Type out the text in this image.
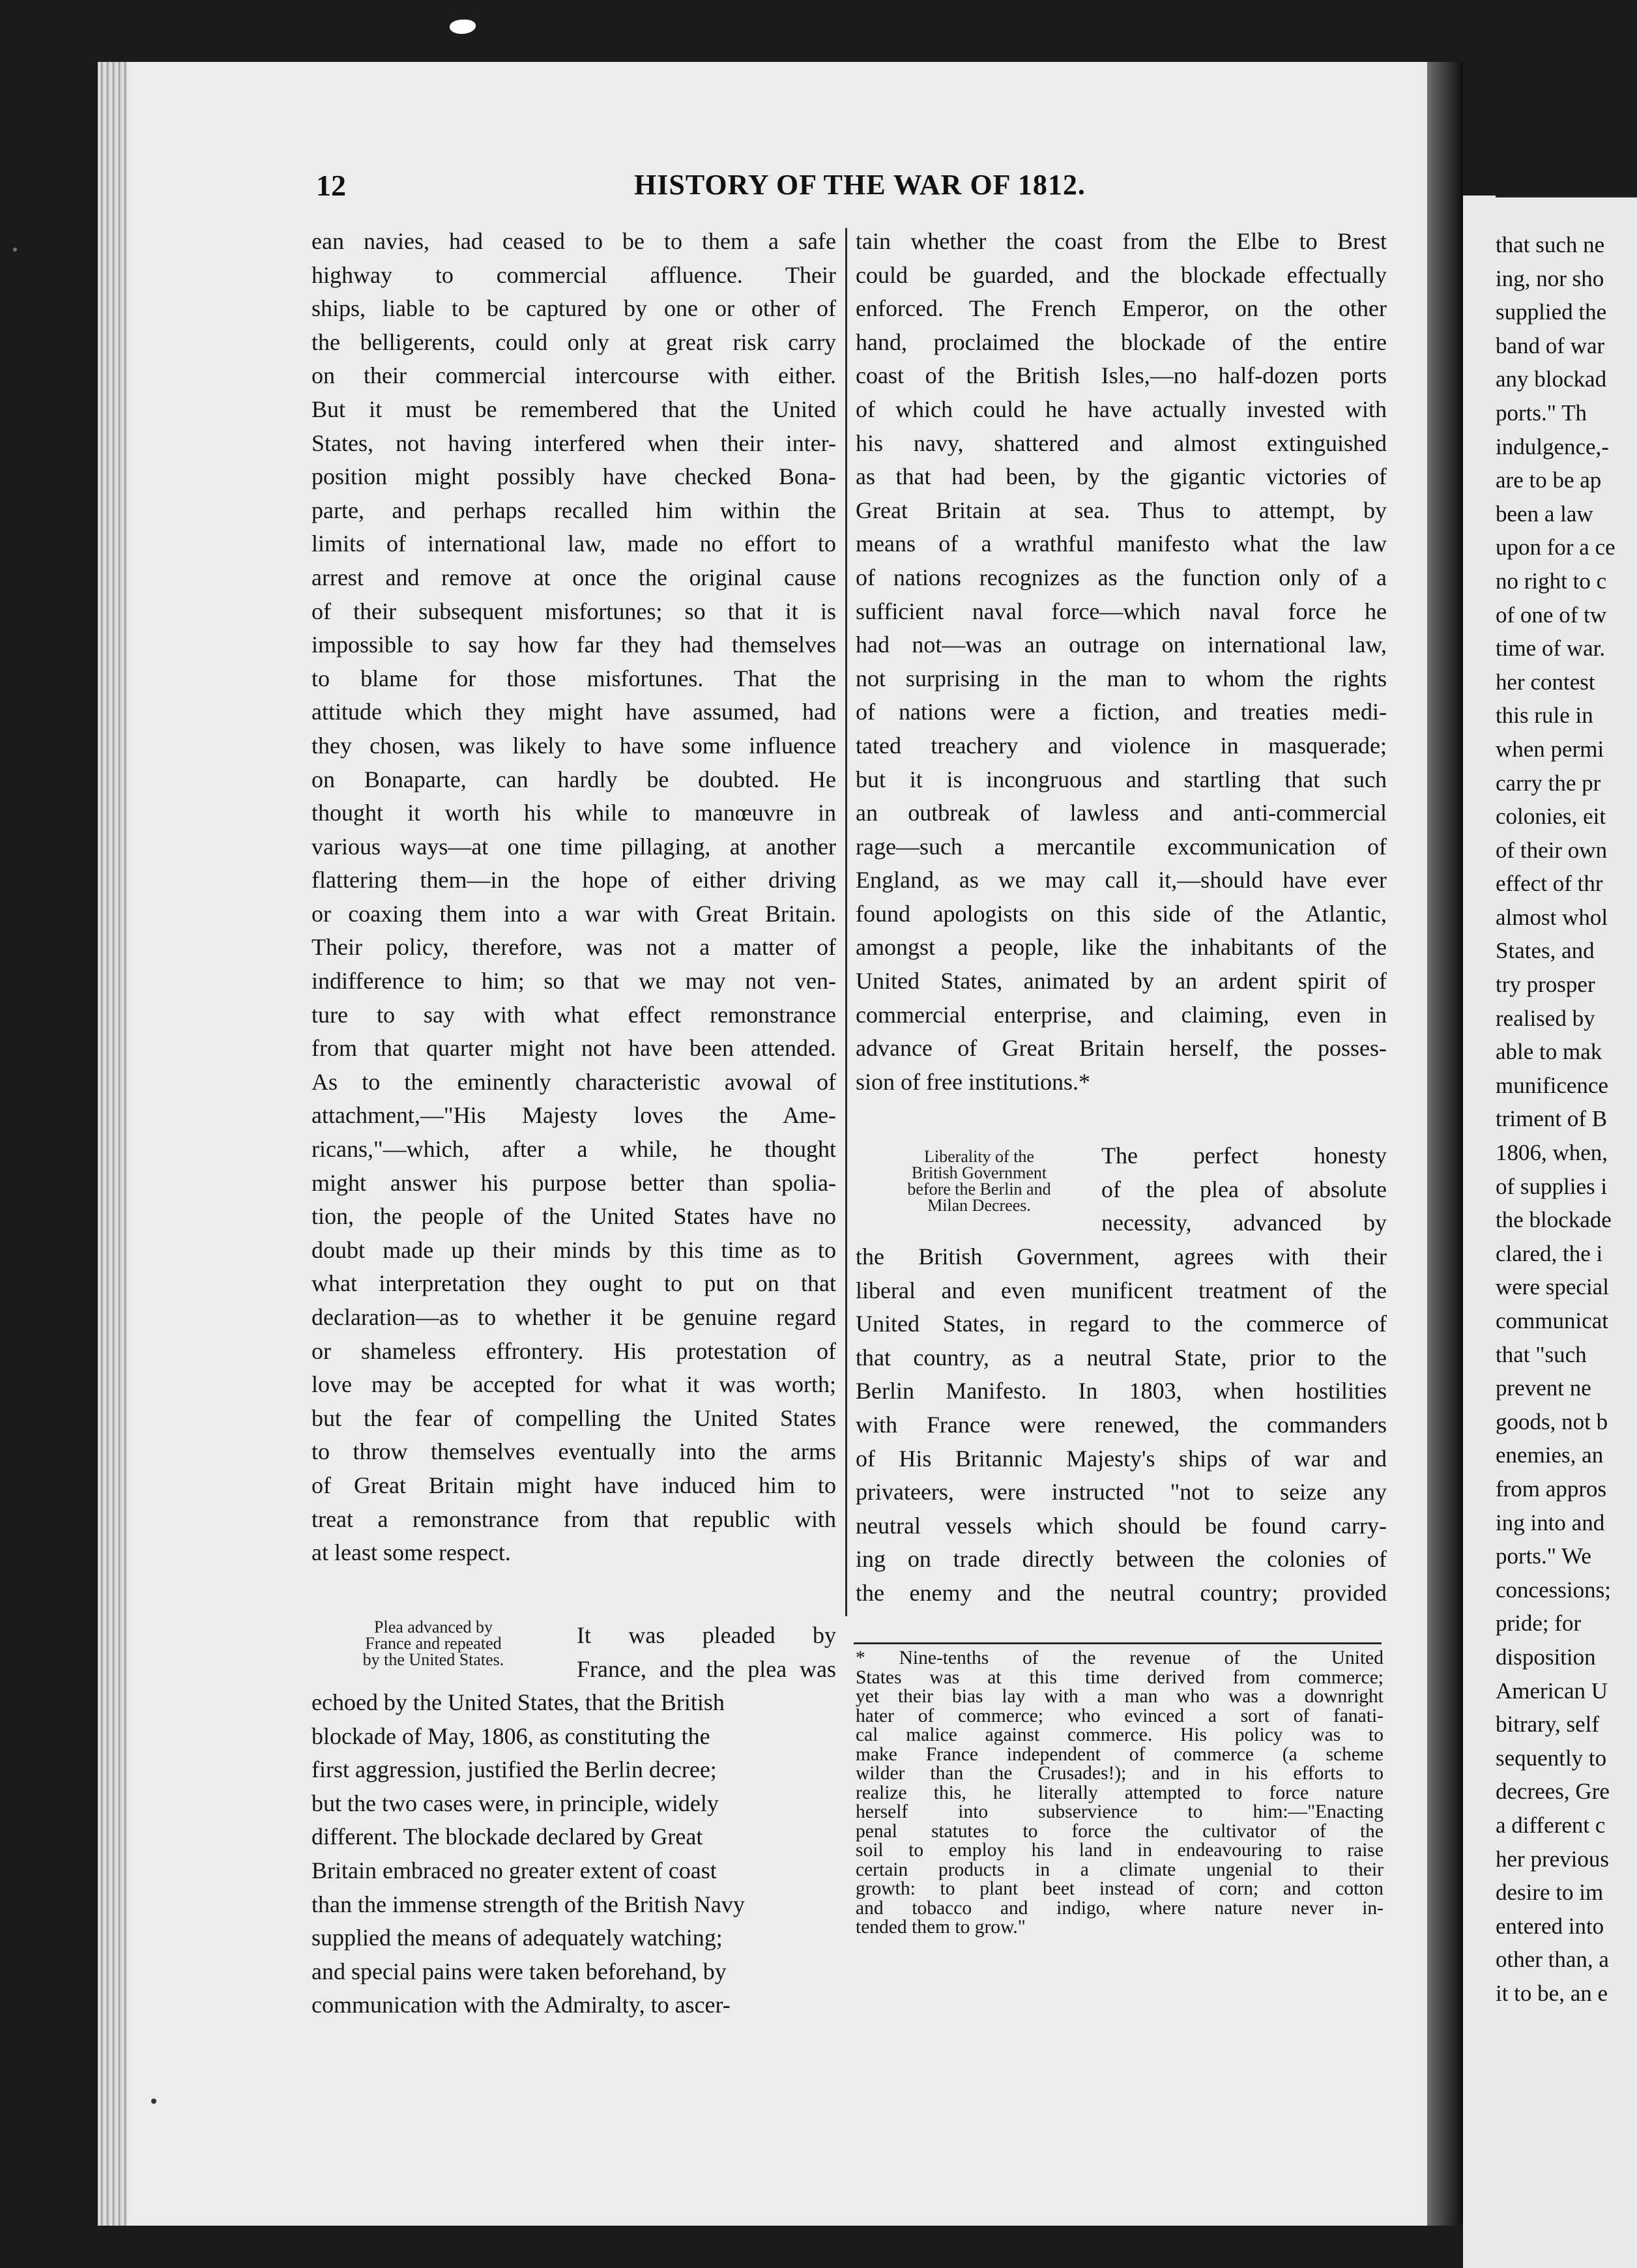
that such ne
ing, nor sho
supplied the
band of war
any blockad
ports." Th
indulgence,-
are to be ap
been a law
upon for a ce
no right to c
of one of tw
time of war.
her contest
this rule in
when permi
carry the pr
colonies, eit
of their own
effect of thr
almost whol
States, and
try prosper
realised by
able to mak
munificence
triment of B
1806, when,
of supplies i
the blockade
clared, the i
were special
communicat
that "such
prevent ne
goods, not b
enemies, an
from appros
ing into and
ports." We
concessions;
pride; for
disposition
American U
bitrary, self
sequently to
decrees, Gre
a different c
her previous
desire to im
entered into
other than, a
it to be, an e
12	HISTORY OF THE WAR OF 1812.
ean navies, had ceased to be to them a safe
highway to commercial affluence. Their
ships, liable to be captured by one or other of
the belligerents, could only at great risk carry
on their commercial intercourse with either.
But it must be remembered that the United
States, not having interfered when their inter-
position might possibly have checked Bona-
parte, and perhaps recalled him within the
limits of international law, made no effort to
arrest and remove at once the original cause
of their subsequent misfortunes; so that it is
impossible to say how far they had themselves
to blame for those misfortunes. That the
attitude which they might have assumed, had
they chosen, was likely to have some influence
on Bonaparte, can hardly be doubted. He
thought it worth his while to manœuvre in
various ways—at one time pillaging, at another
flattering them—in the hope of either driving
or coaxing them into a war with Great Britain.
Their policy, therefore, was not a matter of
indifference to him; so that we may not ven-
ture to say with what effect remonstrance
from that quarter might not have been attended.
As to the eminently characteristic avowal of
attachment,—"His Majesty loves the Ame-
ricans,"—which, after a while, he thought
might answer his purpose better than spolia-
tion, the people of the United States have no
doubt made up their minds by this time as to
what interpretation they ought to put on that
declaration—as to whether it be genuine regard
or shameless effrontery. His protestation of
love may be accepted for what it was worth;
but the fear of compelling the United States
to throw themselves eventually into the arms
of Great Britain might have induced him to
treat a remonstrance from that republic with
at least some respect.
Plea advanced by
France and repeated
by the United States.
It was pleaded by
France, and the plea was
echoed by the United States, that the British
blockade of May, 1806, as constituting the
first aggression, justified the Berlin decree;
but the two cases were, in principle, widely
different. The blockade declared by Great
Britain embraced no greater extent of coast
than the immense strength of the British Navy
supplied the means of adequately watching;
and special pains were taken beforehand, by
communication with the Admiralty, to ascer-
tain whether the coast from the Elbe to Brest
could be guarded, and the blockade effectually
enforced. The French Emperor, on the other
hand, proclaimed the blockade of the entire
coast of the British Isles,—no half-dozen ports
of which could he have actually invested with
his navy, shattered and almost extinguished
as that had been, by the gigantic victories of
Great Britain at sea. Thus to attempt, by
means of a wrathful manifesto what the law
of nations recognizes as the function only of a
sufficient naval force—which naval force he
had not—was an outrage on international law,
not surprising in the man to whom the rights
of nations were a fiction, and treaties medi-
tated treachery and violence in masquerade;
but it is incongruous and startling that such
an outbreak of lawless and anti-commercial
rage—such a mercantile excommunication of
England, as we may call it,—should have ever
found apologists on this side of the Atlantic,
amongst a people, like the inhabitants of the
United States, animated by an ardent spirit of
commercial enterprise, and claiming, even in
advance of Great Britain herself, the posses-
sion of free institutions.*
Liberality of the
British Government
before the Berlin and
Milan Decrees.
The perfect honesty
of the plea of absolute
necessity, advanced by
the British Government, agrees with their
liberal and even munificent treatment of the
United States, in regard to the commerce of
that country, as a neutral State, prior to the
Berlin Manifesto. In 1803, when hostilities
with France were renewed, the commanders
of His Britannic Majesty's ships of war and
privateers, were instructed "not to seize any
neutral vessels which should be found carry-
ing on trade directly between the colonies of
the enemy and the neutral country; provided
* Nine-tenths of the revenue of the United
States was at this time derived from commerce;
yet their bias lay with a man who was a downright
hater of commerce; who evinced a sort of fanati-
cal malice against commerce. His policy was to
make France independent of commerce (a scheme
wilder than the Crusades!); and in his efforts to
realize this, he literally attempted to force nature
herself into subservience to him:—"Enacting
penal statutes to force the cultivator of the
soil to employ his land in endeavouring to raise
certain products in a climate ungenial to their
growth: to plant beet instead of corn; and cotton
and tobacco and indigo, where nature never in-
tended them to grow."
